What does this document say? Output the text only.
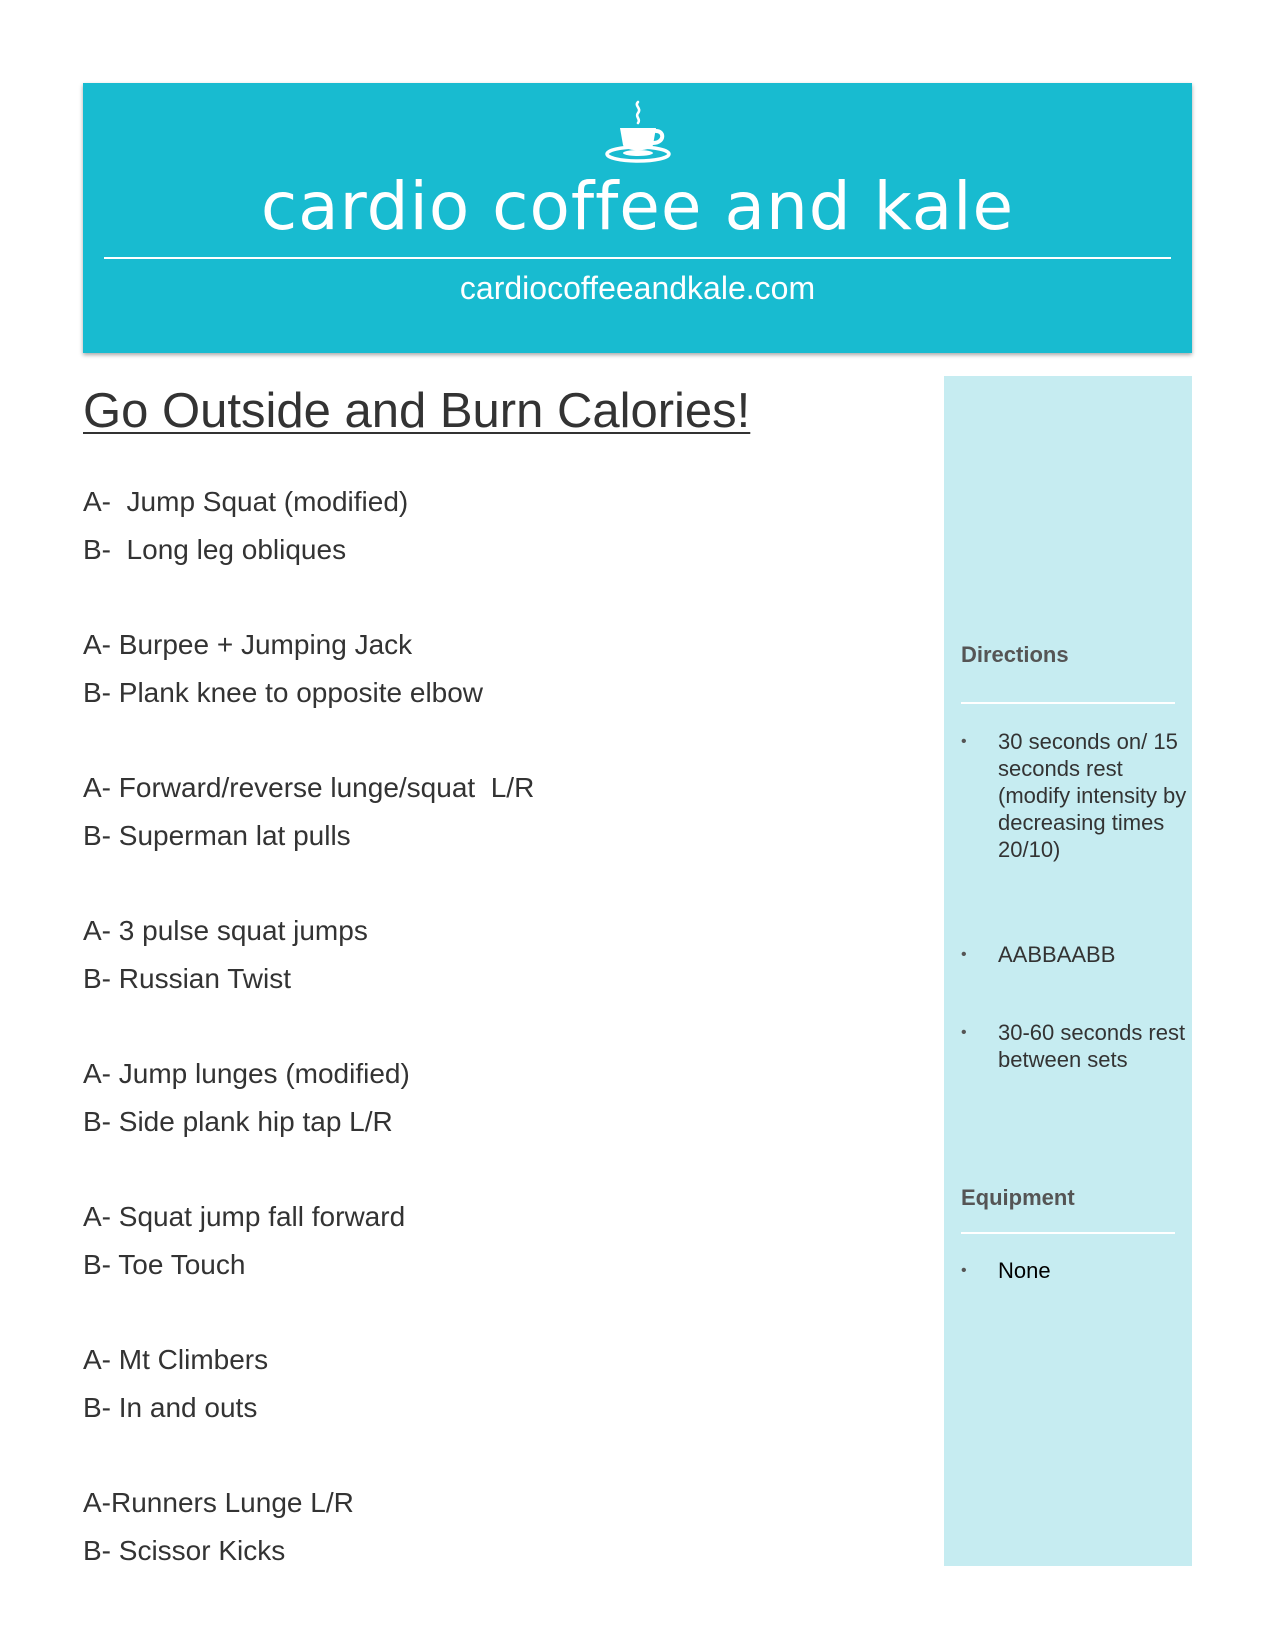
cardio coffee and kale
cardiocoffeeandkale.com
Go Outside and Burn Calories!
A-  Jump Squat (modified)
B-  Long leg obliques
A- Burpee + Jumping Jack
B- Plank knee to opposite elbow
A- Forward/reverse lunge/squat  L/R
B- Superman lat pulls
A- 3 pulse squat jumps
B- Russian Twist
A- Jump lunges (modified)
B- Side plank hip tap L/R
A- Squat jump fall forward
B- Toe Touch
A- Mt Climbers
B- In and outs
A-Runners Lunge L/R
B- Scissor Kicks
Directions
• 30 seconds on/ 15 seconds rest (modify intensity by decreasing times 20/10)
• AABBAABB
• 30-60 seconds rest between sets
Equipment
• None
